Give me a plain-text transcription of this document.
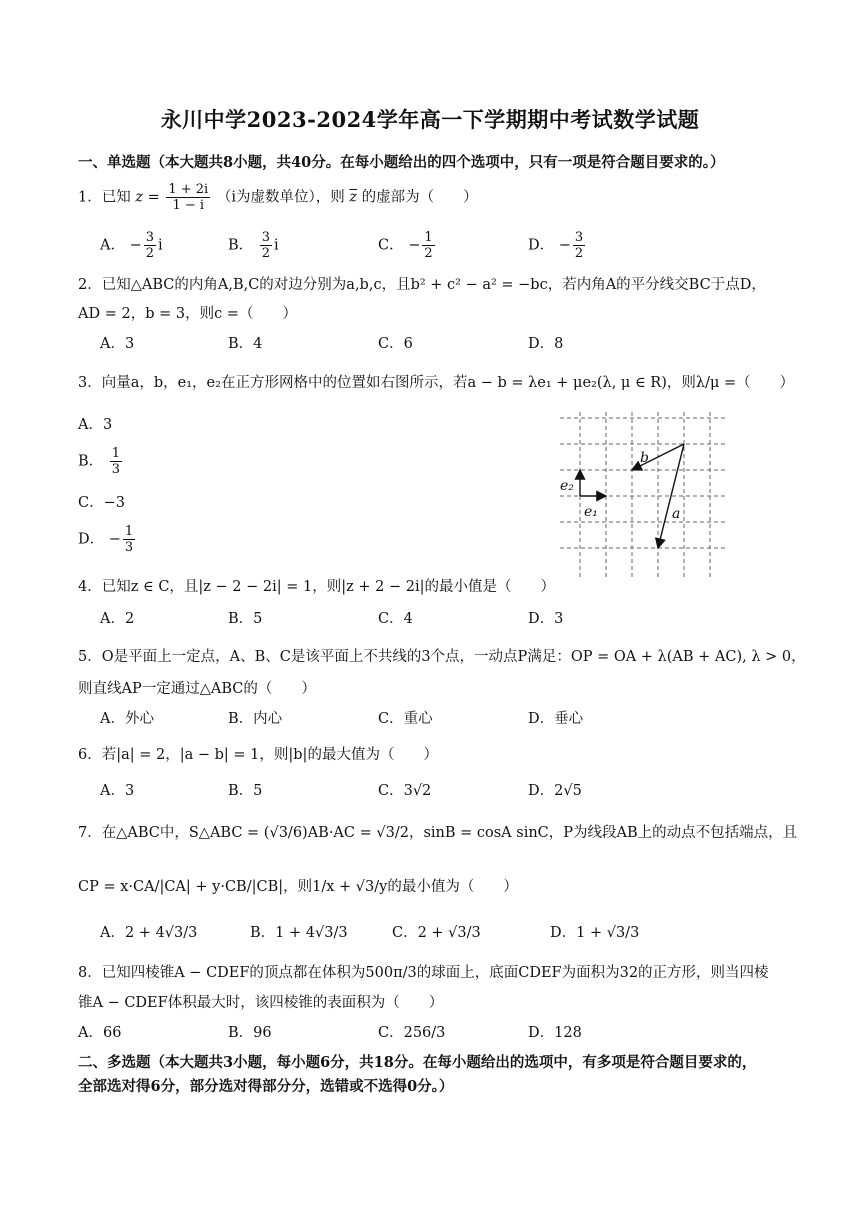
永川中学2023-2024学年高一下学期期中考试数学试题
一、单选题（本大题共8小题，共40分。在每小题给出的四个选项中，只有一项是符合题目要求的。）
1．已知 $z = \frac{1 + 2i}{1 - i} (i$为虚数单位），则 $\overline{z}$ 的虚部为（　　）
A． − $\frac{3}{2}$ i	B． $\frac{3}{2}$ i	C． − $\frac{1}{2}$	D． − $\frac{3}{2}$
2．已知△ABC的内角A,B,C的对边分别为a,b,c，且b² + c² − a² = −bc，若内角A的平分线交BC于点D，
AD = 2，b = 3，则c =（　　）
A．3	B．4	C．6	D．8
3．向量a，b，e₁，e₂在正方形网格中的位置如右图所示，若a − b = λe₁ + μe₂(λ, μ ∈ R)，则λ/μ =（　　）
A．3
B． $\frac{1}{3}$
C．−3
D． − $\frac{1}{3}$
b
a
e₁
e₂
4．已知z ∈ C，且|z − 2 − 2i| = 1，则|z + 2 − 2i|的最小值是（　　）
A．2	B．5	C．4	D．3
5．O是平面上一定点，A、B、C是该平面上不共线的3个点，一动点P满足：OP = OA + λ(AB + AC), λ > 0，
则直线AP一定通过△ABC的（　　）
A．外心	B．内心	C．重心	D．垂心
6．若|a| = 2，|a − b| = 1，则|b|的最大值为（　　）
A．3	B．5	C．3√2	D．2√5
7．在△ABC中，S△ABC = (√3/6)AB·AC = √3/2，sinB = cosA sinC，P为线段AB上的动点不包括端点，且
CP = x·CA/|CA| + y·CB/|CB|，则1/x + √3/y的最小值为（　　）
A．2 + 4√3/3	B．1 + 4√3/3	C．2 + √3/3	D．1 + √3/3
8．已知四棱锥A − CDEF的顶点都在体积为500π/3的球面上，底面CDEF为面积为32的正方形，则当四棱
锥A − CDEF体积最大时，该四棱锥的表面积为（　　）
A．66	B．96	C．256/3	D．128
二、多选题（本大题共3小题，每小题6分，共18分。在每小题给出的选项中，有多项是符合题目要求的，
全部选对得6分，部分选对得部分分，选错或不选得0分。）
